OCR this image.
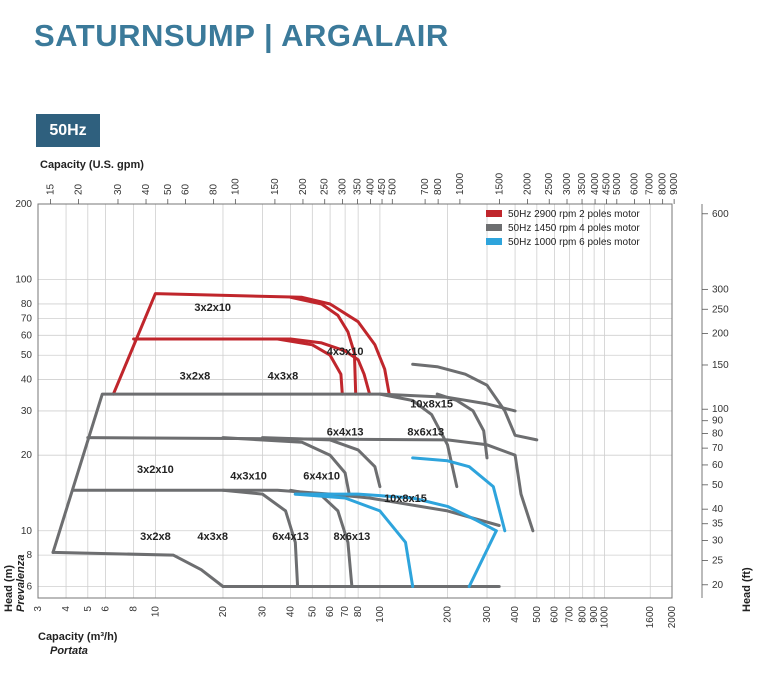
SATURNSUMP | ARGALAIR
50Hz
3x2x10
4x3x10
3x2x8	4x3x8
10x8x15
6x4x13	8x6x13
3x2x10
4x3x10	6x4x10
10x8x15
3x2x8 4x3x8	6x4x13 8x6x13
3 4 5 6 8 10	20	30 40 50 60 70 80 100	200	300 400 500 600 700 800 900 1000	1600 2000
6
8
10
20
30
40
50
60
70
80
100
200
15 20	30 40 50 60 80 100	150 200 250 300 350 400 450 500 700 800 1000	1500 2000 2500 3000 3500 4000 4500 5000 6000 7000 8000 9000
20
25
30
35
40
50
60
70
80
90
100
150
200
250
300
600
50Hz 2900 rpm 2 poles motor
50Hz 1450 rpm 4 poles motor
50Hz 1000 rpm 6 poles motor
Capacity (U.S. gpm)
Capacity (m³/h)
Portata
Head (m) Prevalenza	Head (ft)
